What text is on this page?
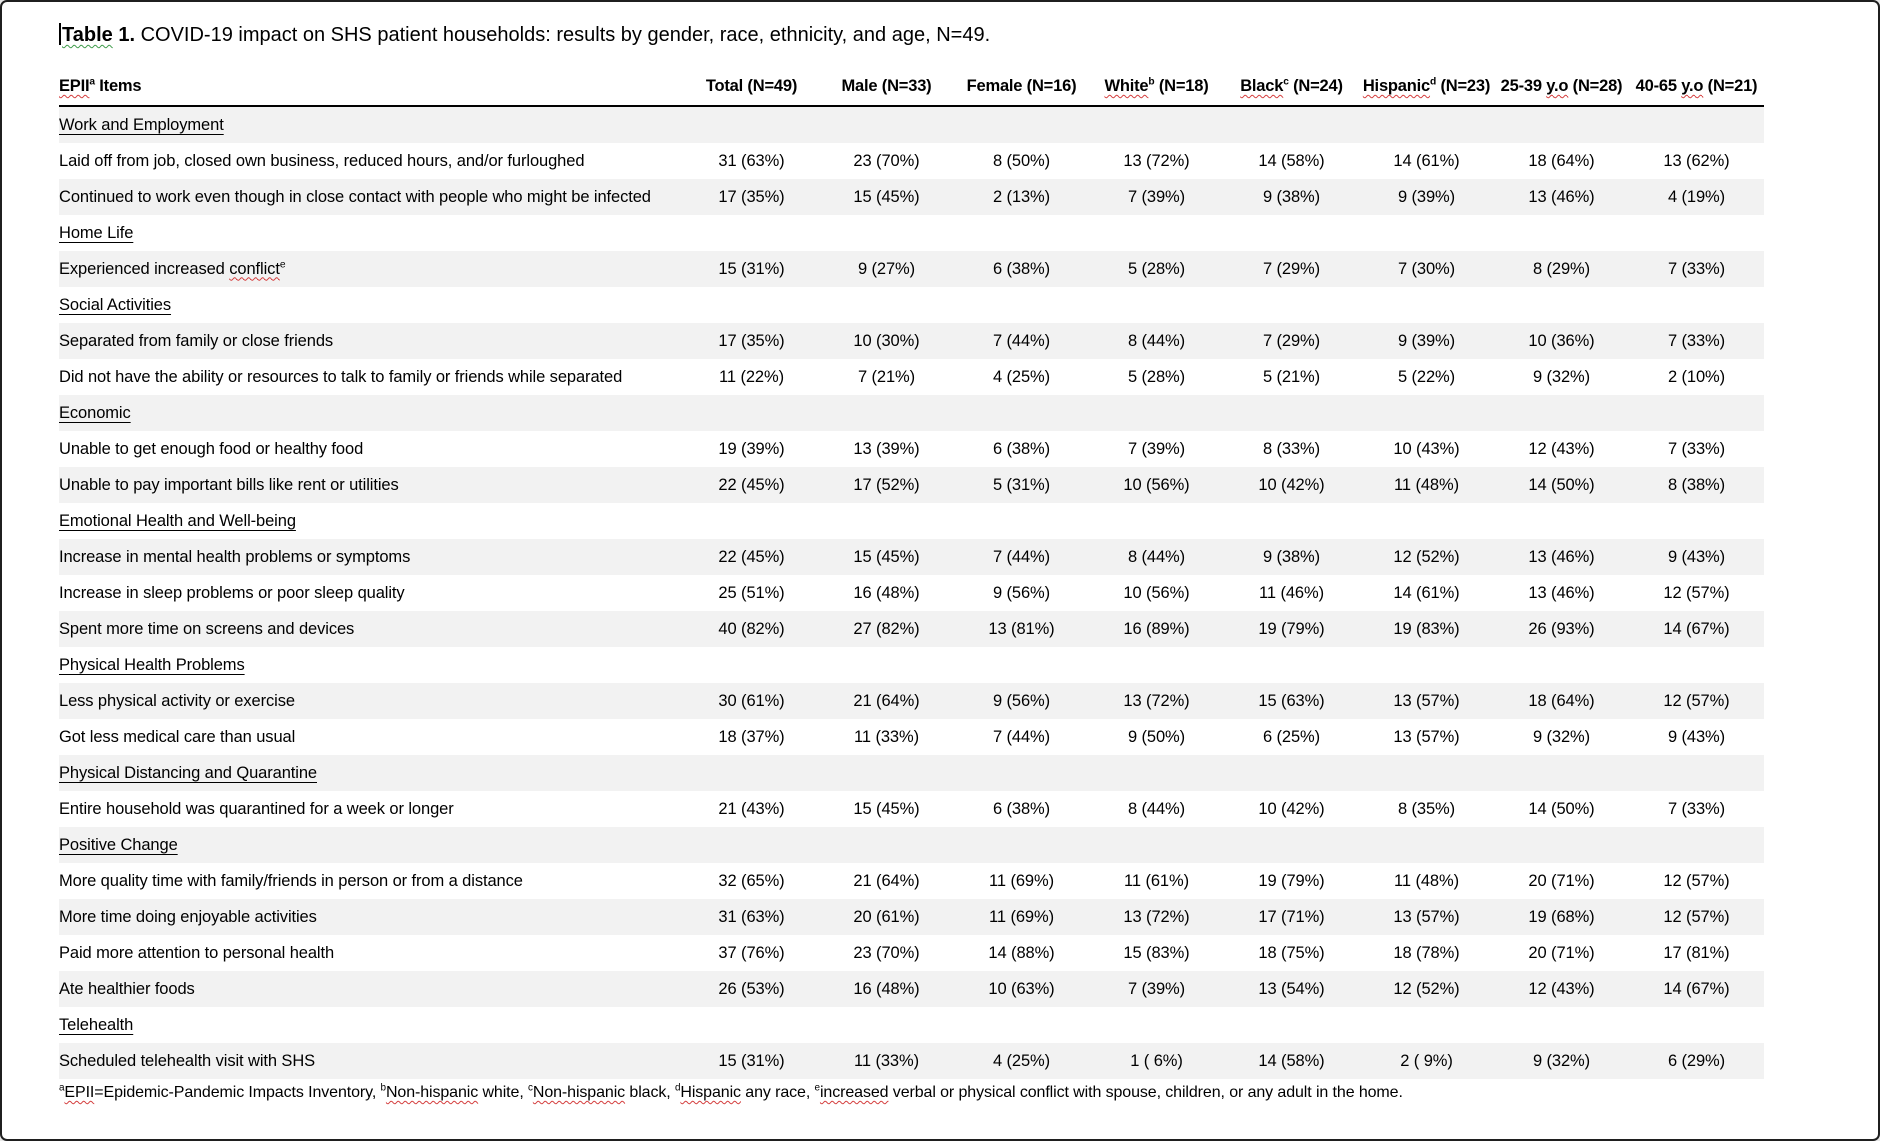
Table 1. COVID-19 impact on SHS patient households: results by gender, race, ethnicity, and age, N=49.

EPII$^a$ Items	Total (N=49)	Male (N=33)	Female (N=16)	White$^b$ (N=18)	Black$^c$ (N=24)	Hispanic$^d$ (N=23)	25-39 y.o (N=28)	40-65 y.o (N=21)
Work and Employment								
Laid off from job, closed own business, reduced hours, and/or furloughed	31 (63%)	23 (70%)	8 (50%)	13 (72%)	14 (58%)	14 (61%)	18 (64%)	13 (62%)
Continued to work even though in close contact with people who might be infected	17 (35%)	15 (45%)	2 (13%)	7 (39%)	9 (38%)	9 (39%)	13 (46%)	4 (19%)
Home Life								
Experienced increased conflict$^e$	15 (31%)	9 (27%)	6 (38%)	5 (28%)	7 (29%)	7 (30%)	8 (29%)	7 (33%)
Social Activities								
Separated from family or close friends	17 (35%)	10 (30%)	7 (44%)	8 (44%)	7 (29%)	9 (39%)	10 (36%)	7 (33%)
Did not have the ability or resources to talk to family or friends while separated	11 (22%)	7 (21%)	4 (25%)	5 (28%)	5 (21%)	5 (22%)	9 (32%)	2 (10%)
Economic								
Unable to get enough food or healthy food	19 (39%)	13 (39%)	6 (38%)	7 (39%)	8 (33%)	10 (43%)	12 (43%)	7 (33%)
Unable to pay important bills like rent or utilities	22 (45%)	17 (52%)	5 (31%)	10 (56%)	10 (42%)	11 (48%)	14 (50%)	8 (38%)
Emotional Health and Well-being								
Increase in mental health problems or symptoms	22 (45%)	15 (45%)	7 (44%)	8 (44%)	9 (38%)	12 (52%)	13 (46%)	9 (43%)
Increase in sleep problems or poor sleep quality	25 (51%)	16 (48%)	9 (56%)	10 (56%)	11 (46%)	14 (61%)	13 (46%)	12 (57%)
Spent more time on screens and devices	40 (82%)	27 (82%)	13 (81%)	16 (89%)	19 (79%)	19 (83%)	26 (93%)	14 (67%)
Physical Health Problems								
Less physical activity or exercise	30 (61%)	21 (64%)	9 (56%)	13 (72%)	15 (63%)	13 (57%)	18 (64%)	12 (57%)
Got less medical care than usual	18 (37%)	11 (33%)	7 (44%)	9 (50%)	6 (25%)	13 (57%)	9 (32%)	9 (43%)
Physical Distancing and Quarantine								
Entire household was quarantined for a week or longer	21 (43%)	15 (45%)	6 (38%)	8 (44%)	10 (42%)	8 (35%)	14 (50%)	7 (33%)
Positive Change								
More quality time with family/friends in person or from a distance	32 (65%)	21 (64%)	11 (69%)	11 (61%)	19 (79%)	11 (48%)	20 (71%)	12 (57%)
More time doing enjoyable activities	31 (63%)	20 (61%)	11 (69%)	13 (72%)	17 (71%)	13 (57%)	19 (68%)	12 (57%)
Paid more attention to personal health	37 (76%)	23 (70%)	14 (88%)	15 (83%)	18 (75%)	18 (78%)	20 (71%)	17 (81%)
Ate healthier foods	26 (53%)	16 (48%)	10 (63%)	7 (39%)	13 (54%)	12 (52%)	12 (43%)	14 (67%)
Telehealth								
Scheduled telehealth visit with SHS	15 (31%)	11 (33%)	4 (25%)	1 ( 6%)	14 (58%)	2 ( 9%)	9 (32%)	6 (29%)

$^a$EPII=Epidemic-Pandemic Impacts Inventory, $^b$Non-hispanic white, $^c$Non-hispanic black, $^d$Hispanic any race, $^e$increased verbal or physical conflict with spouse, children, or any adult in the home.
